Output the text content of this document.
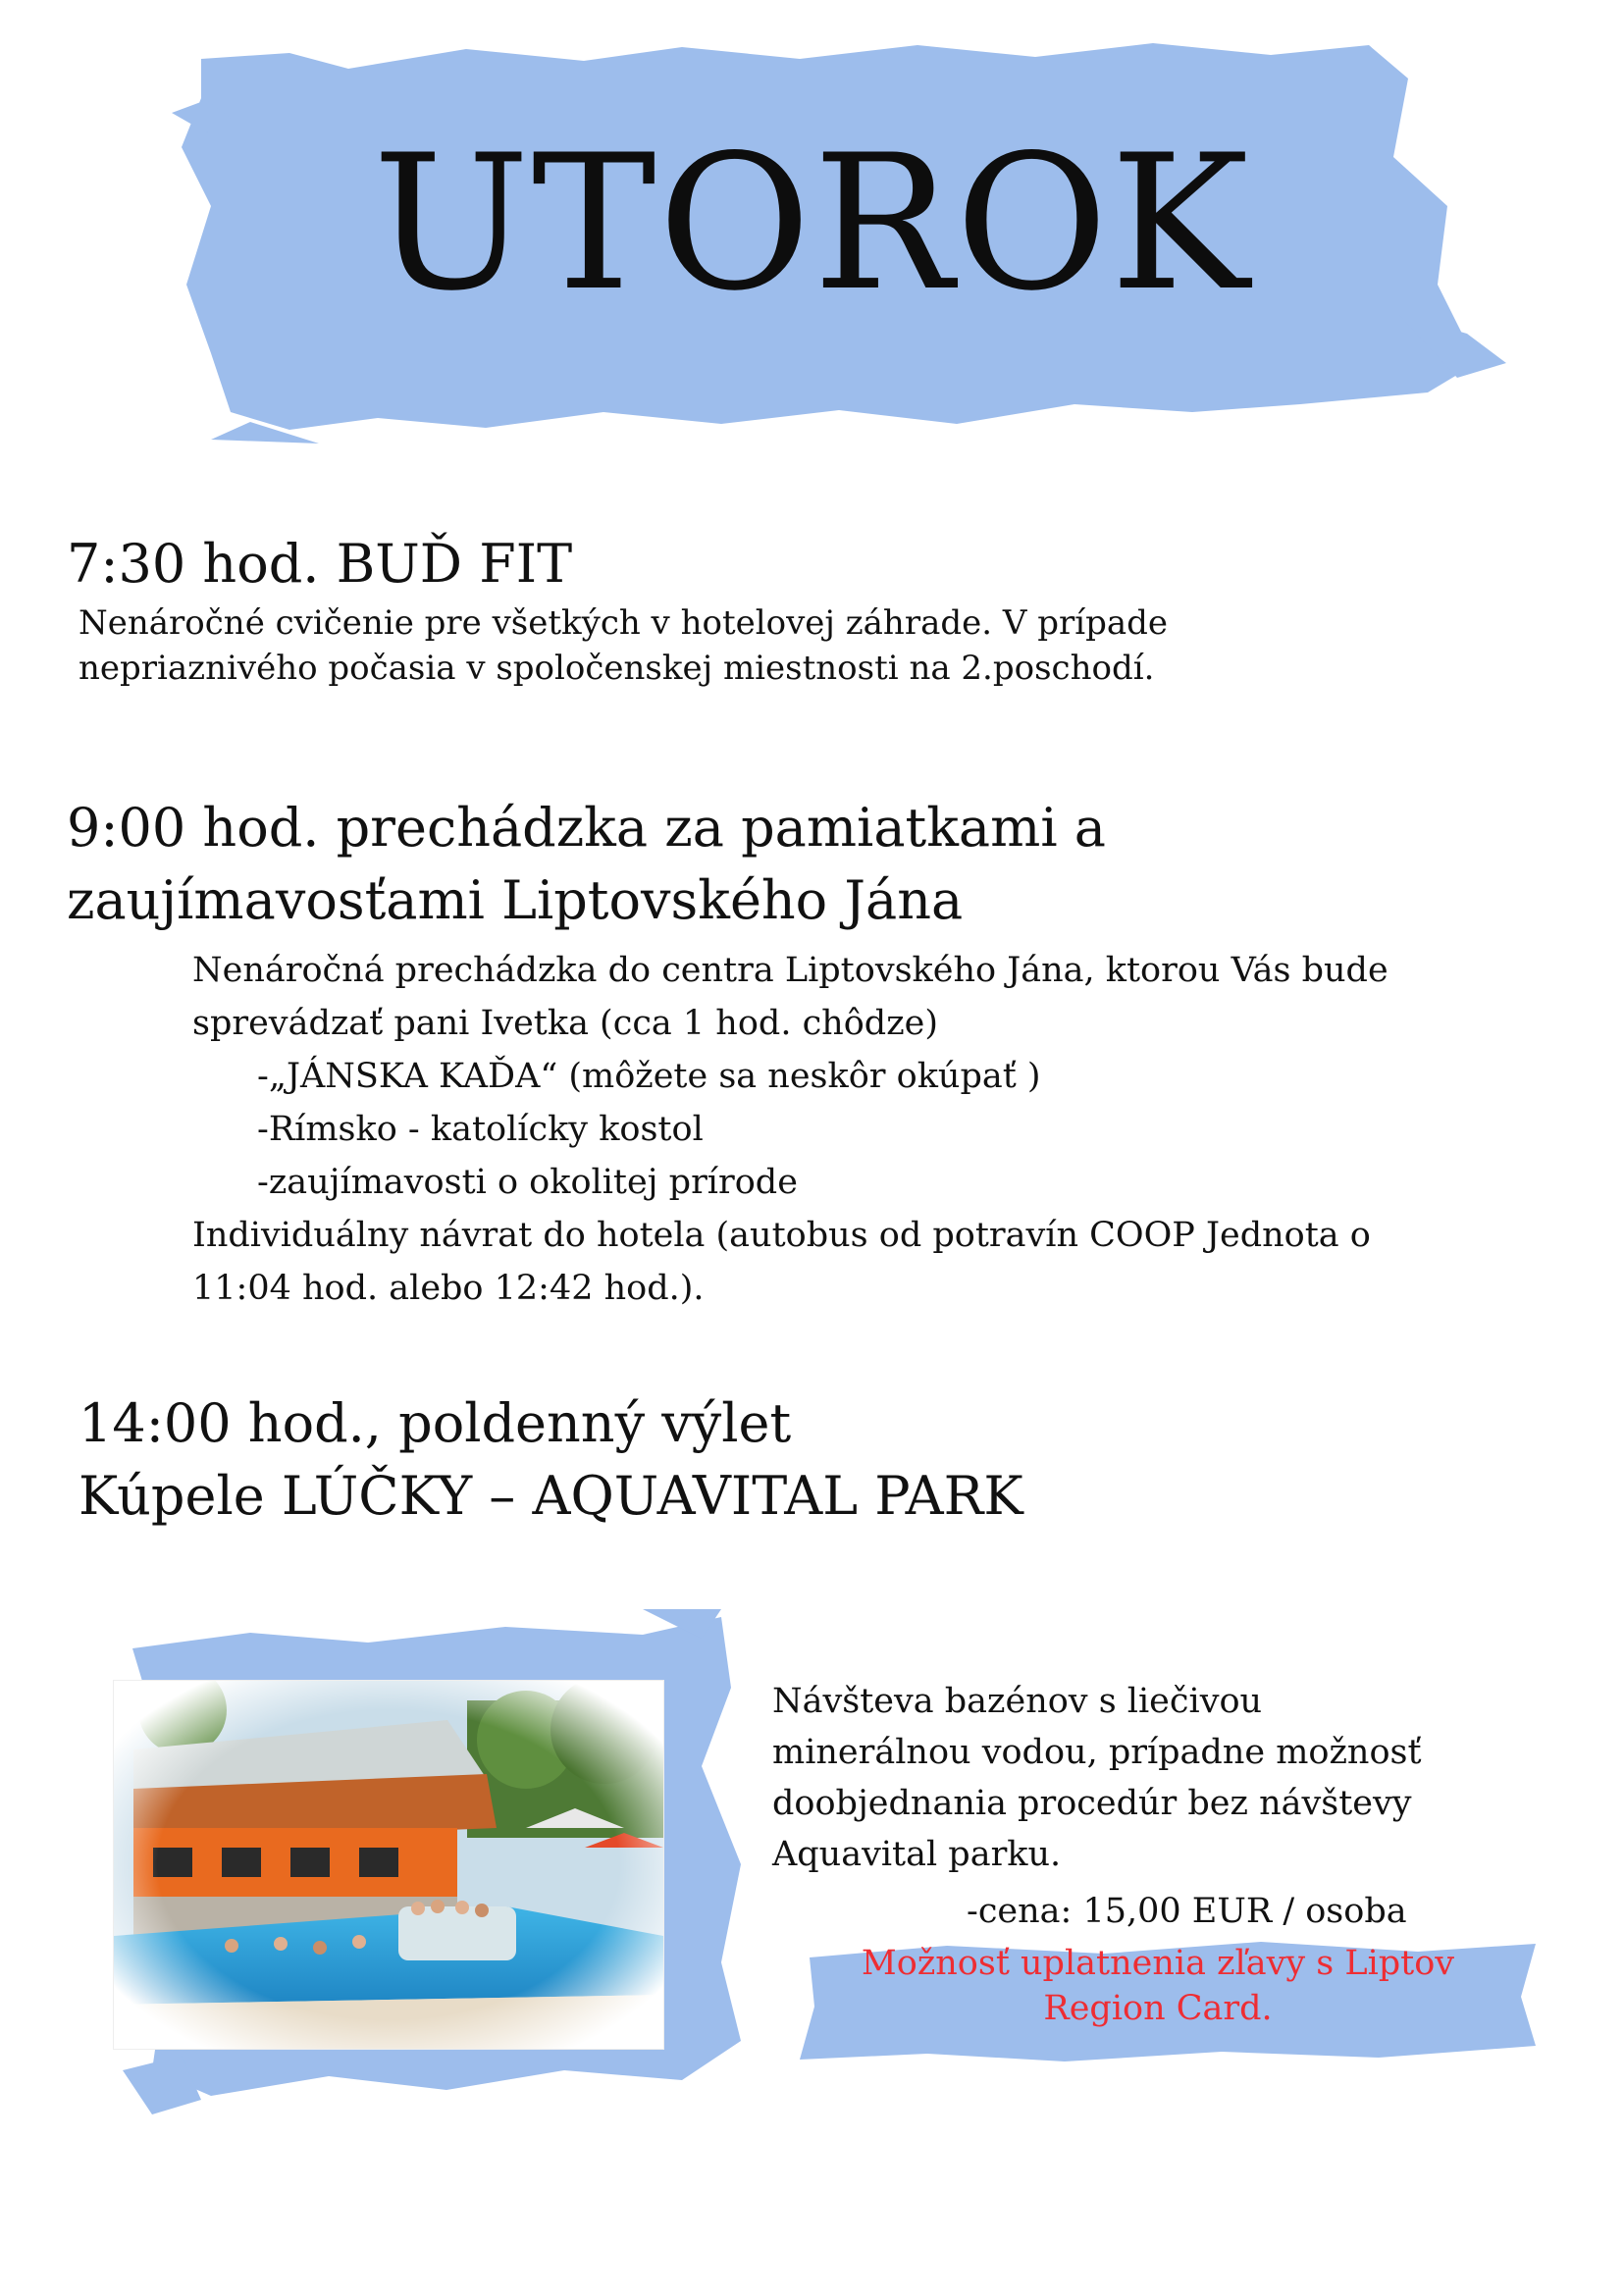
UTOROK
7:30 hod. BUĎ FIT
Nenáročné cvičenie pre všetkých v hotelovej záhrade. V prípade
nepriaznivého počasia v spoločenskej miestnosti na 2.poschodí.
9:00 hod. prechádzka za pamiatkami a
zaujímavosťami Liptovského Jána
Nenáročná prechádzka do centra Liptovského Jána, ktorou Vás bude
sprevádzať pani Ivetka (cca 1 hod. chôdze)
-„JÁNSKA KAĎA“ (môžete sa neskôr okúpať )
-Rímsko - katolícky kostol
-zaujímavosti o okolitej prírode
Individuálny návrat do hotela (autobus od potravín COOP Jednota o
11:04 hod. alebo 12:42 hod.).
14:00 hod., poldenný výlet
Kúpele LÚČKY – AQUAVITAL PARK
Návšteva bazénov s liečivou
minerálnou vodou, prípadne možnosť
doobjednania procedúr bez návštevy
Aquavital parku.
-cena: 15,00 EUR / osoba
Možnosť uplatnenia zľavy s Liptov
Region Card.
